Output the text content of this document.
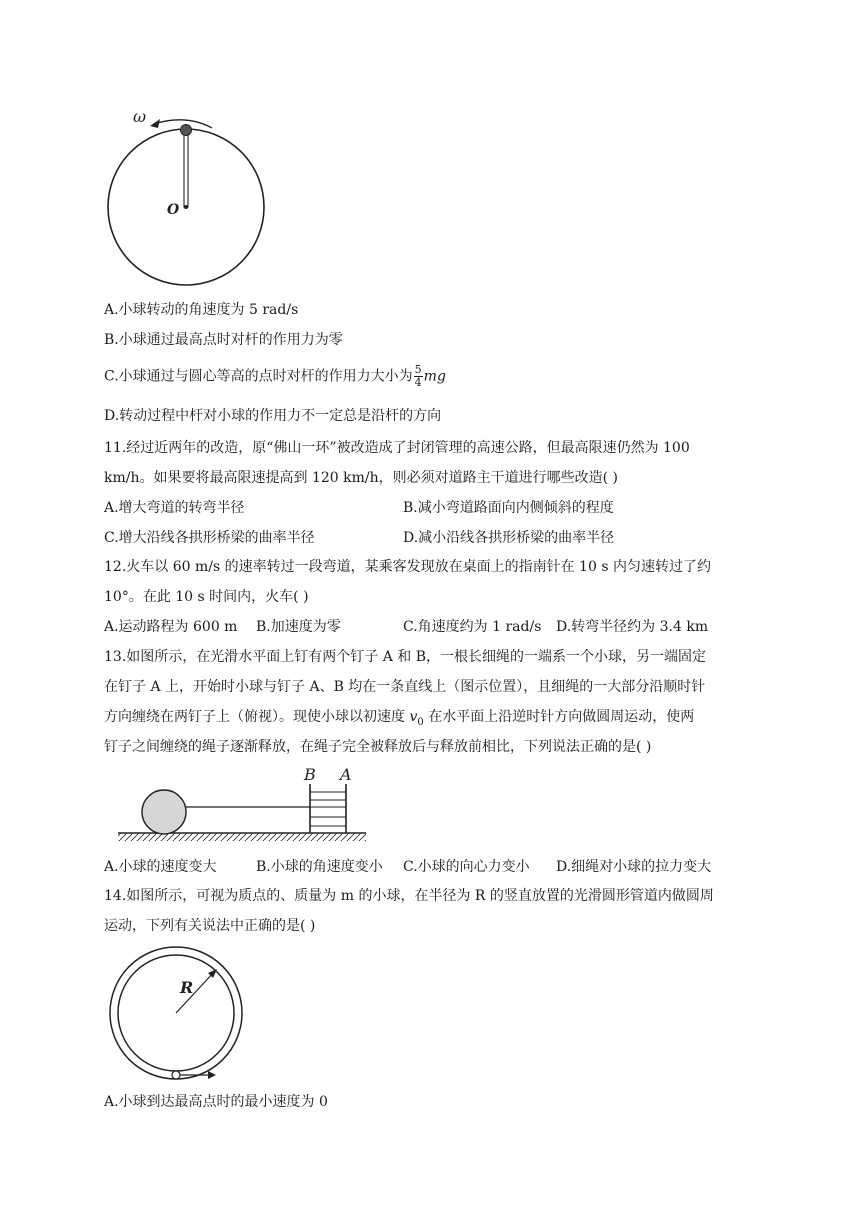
ω
O
A.小球转动的角速度为 5 rad/s
B.小球通过最高点时对杆的作用力为零
C.小球通过与圆心等高的点时对杆的作用力大小为 $\frac{5}{4}$ mg
D.转动过程中杆对小球的作用力不一定总是沿杆的方向
11.经过近两年的改造，原“佛山一环”被改造成了封闭管理的高速公路，但最高限速仍然为 100
km/h。如果要将最高限速提高到 120 km/h，则必须对道路主干道进行哪些改造( )
A.增大弯道的转弯半径	B.减小弯道路面向内侧倾斜的程度
C.增大沿线各拱形桥梁的曲率半径	D.减小沿线各拱形桥梁的曲率半径
12.火车以 60 m/s 的速率转过一段弯道，某乘客发现放在桌面上的指南针在 10 s 内匀速转过了约
10°。在此 10 s 时间内，火车( )
A.运动路程为 600 m B.加速度为零	C.角速度约为 1 rad/s D.转弯半径约为 3.4 km
13.如图所示，在光滑水平面上钉有两个钉子 A 和 B，一根长细绳的一端系一个小球，另一端固定
在钉子 A 上，开始时小球与钉子 A、B 均在一条直线上（图示位置），且细绳的一大部分沿顺时针
方向缠绕在两钉子上（俯视）。现使小球以初速度 $v_0$ 在水平面上沿逆时针方向做圆周运动，使两
钉子之间缠绕的绳子逐渐释放，在绳子完全被释放后与释放前相比，下列说法正确的是( )
B A
A.小球的速度变大	B.小球的角速度变小 C.小球的向心力变小 D.细绳对小球的拉力变大
14.如图所示，可视为质点的、质量为 m 的小球，在半径为 R 的竖直放置的光滑圆形管道内做圆周
运动，下列有关说法中正确的是( )
R
A.小球到达最高点时的最小速度为 0
